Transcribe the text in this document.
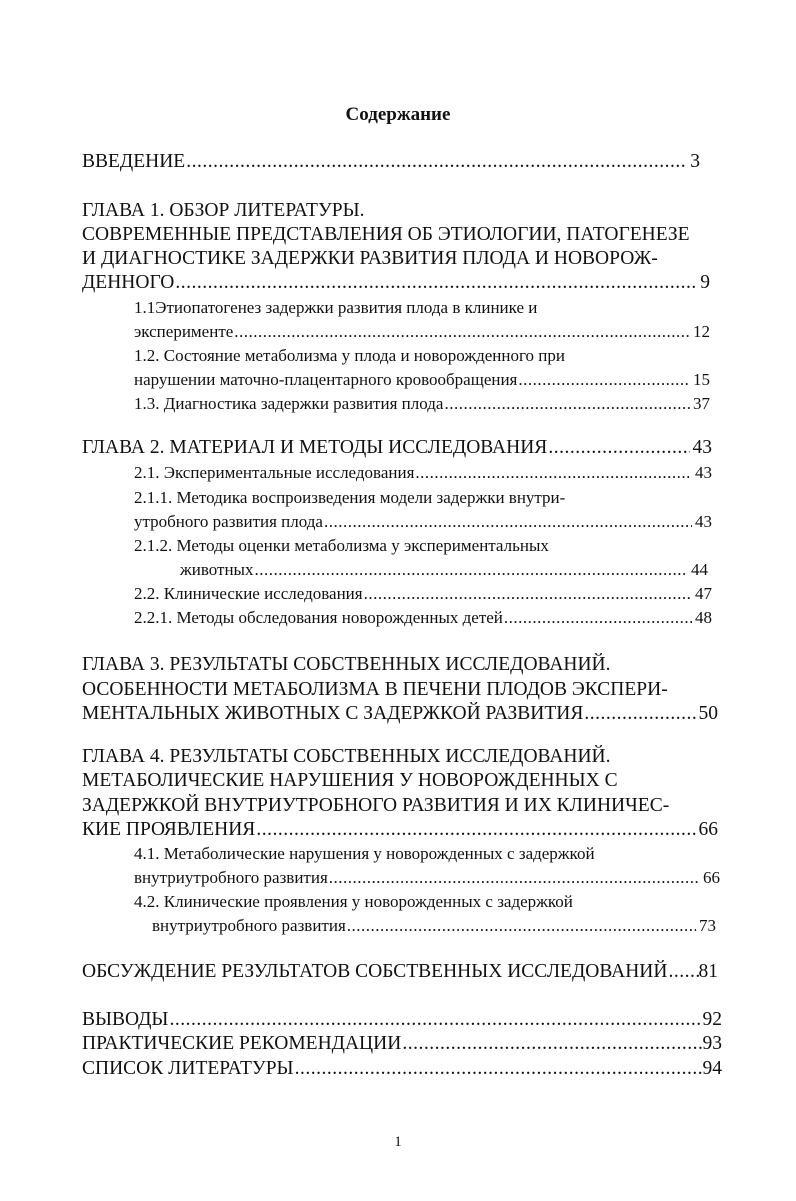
Содержание
ВВЕДЕНИЕ .....	3
ГЛАВА 1. ОБЗОР ЛИТЕРАТУРЫ.
СОВРЕМЕННЫЕ ПРЕДСТАВЛЕНИЯ ОБ ЭТИОЛОГИИ, ПАТОГЕНЕЗЕ
И ДИАГНОСТИКЕ ЗАДЕРЖКИ РАЗВИТИЯ ПЛОДА И НОВОРОЖ-
ДЕННОГО .....	9
1.1Этиопатогенез задержки развития плода в клинике и
эксперименте .....	12
1.2. Состояние метаболизма у плода и новорожденного при
нарушении маточно-плацентарного кровообращения .....	15
1.3. Диагностика задержки развития плода .....	37
ГЛАВА 2. МАТЕРИАЛ И МЕТОДЫ ИССЛЕДОВАНИЯ .....	43
2.1. Экспериментальные исследования .....	43
2.1.1. Методика воспроизведения модели задержки внутри-
утробного развития плода .....	43
2.1.2. Методы оценки метаболизма у экспериментальных
животных .....	44
2.2. Клинические исследования .....	47
2.2.1. Методы обследования новорожденных детей .....	48
ГЛАВА 3. РЕЗУЛЬТАТЫ СОБСТВЕННЫХ ИССЛЕДОВАНИЙ.
ОСОБЕННОСТИ МЕТАБОЛИЗМА В ПЕЧЕНИ ПЛОДОВ ЭКСПЕРИ-
МЕНТАЛЬНЫХ ЖИВОТНЫХ С ЗАДЕРЖКОЙ РАЗВИТИЯ .....	50
ГЛАВА 4. РЕЗУЛЬТАТЫ СОБСТВЕННЫХ ИССЛЕДОВАНИЙ.
МЕТАБОЛИЧЕСКИЕ НАРУШЕНИЯ У НОВОРОЖДЕННЫХ С
ЗАДЕРЖКОЙ ВНУТРИУТРОБНОГО РАЗВИТИЯ И ИХ КЛИНИЧЕС-
КИЕ ПРОЯВЛЕНИЯ .....	66
4.1. Метаболические нарушения у новорожденных с задержкой
внутриутробного развития .....	66
4.2. Клинические проявления у новорожденных с задержкой
внутриутробного развития .....	73
ОБСУЖДЕНИЕ РЕЗУЛЬТАТОВ СОБСТВЕННЫХ ИССЛЕДОВАНИЙ ..... 81
ВЫВОДЫ .....	92
ПРАКТИЧЕСКИЕ РЕКОМЕНДАЦИИ .....	93
СПИСОК ЛИТЕРАТУРЫ .....	94
1
